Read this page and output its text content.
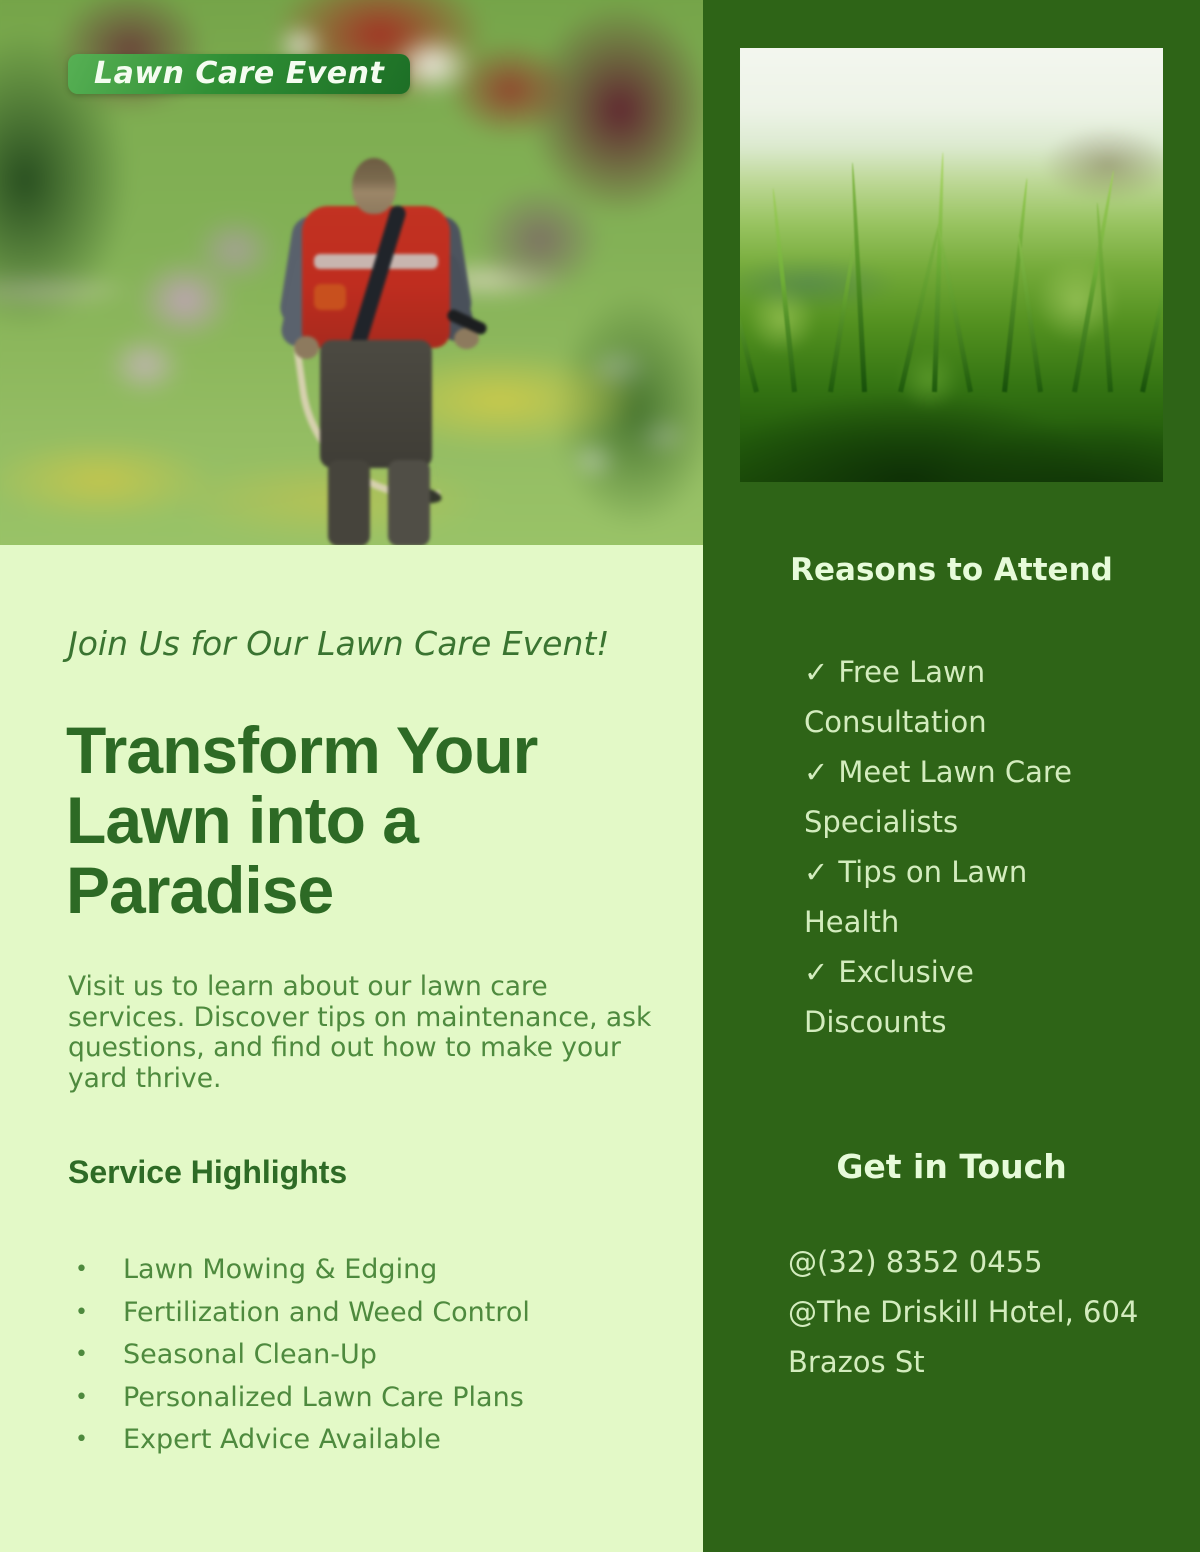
Lawn Care Event
Join Us for Our Lawn Care Event!
Transform Your Lawn into a Paradise
Visit us to learn about our lawn care services. Discover tips on maintenance, ask questions, and find out how to make your yard thrive.
Service Highlights
•	Lawn Mowing & Edging
•	Fertilization and Weed Control
•	Seasonal Clean-Up
•	Personalized Lawn Care Plans
•	Expert Advice Available
Reasons to Attend
✓ Free Lawn Consultation
✓ Meet Lawn Care Specialists
✓ Tips on Lawn Health
✓ Exclusive Discounts
Get in Touch
@(32) 8352 0455
@The Driskill Hotel, 604 Brazos St
